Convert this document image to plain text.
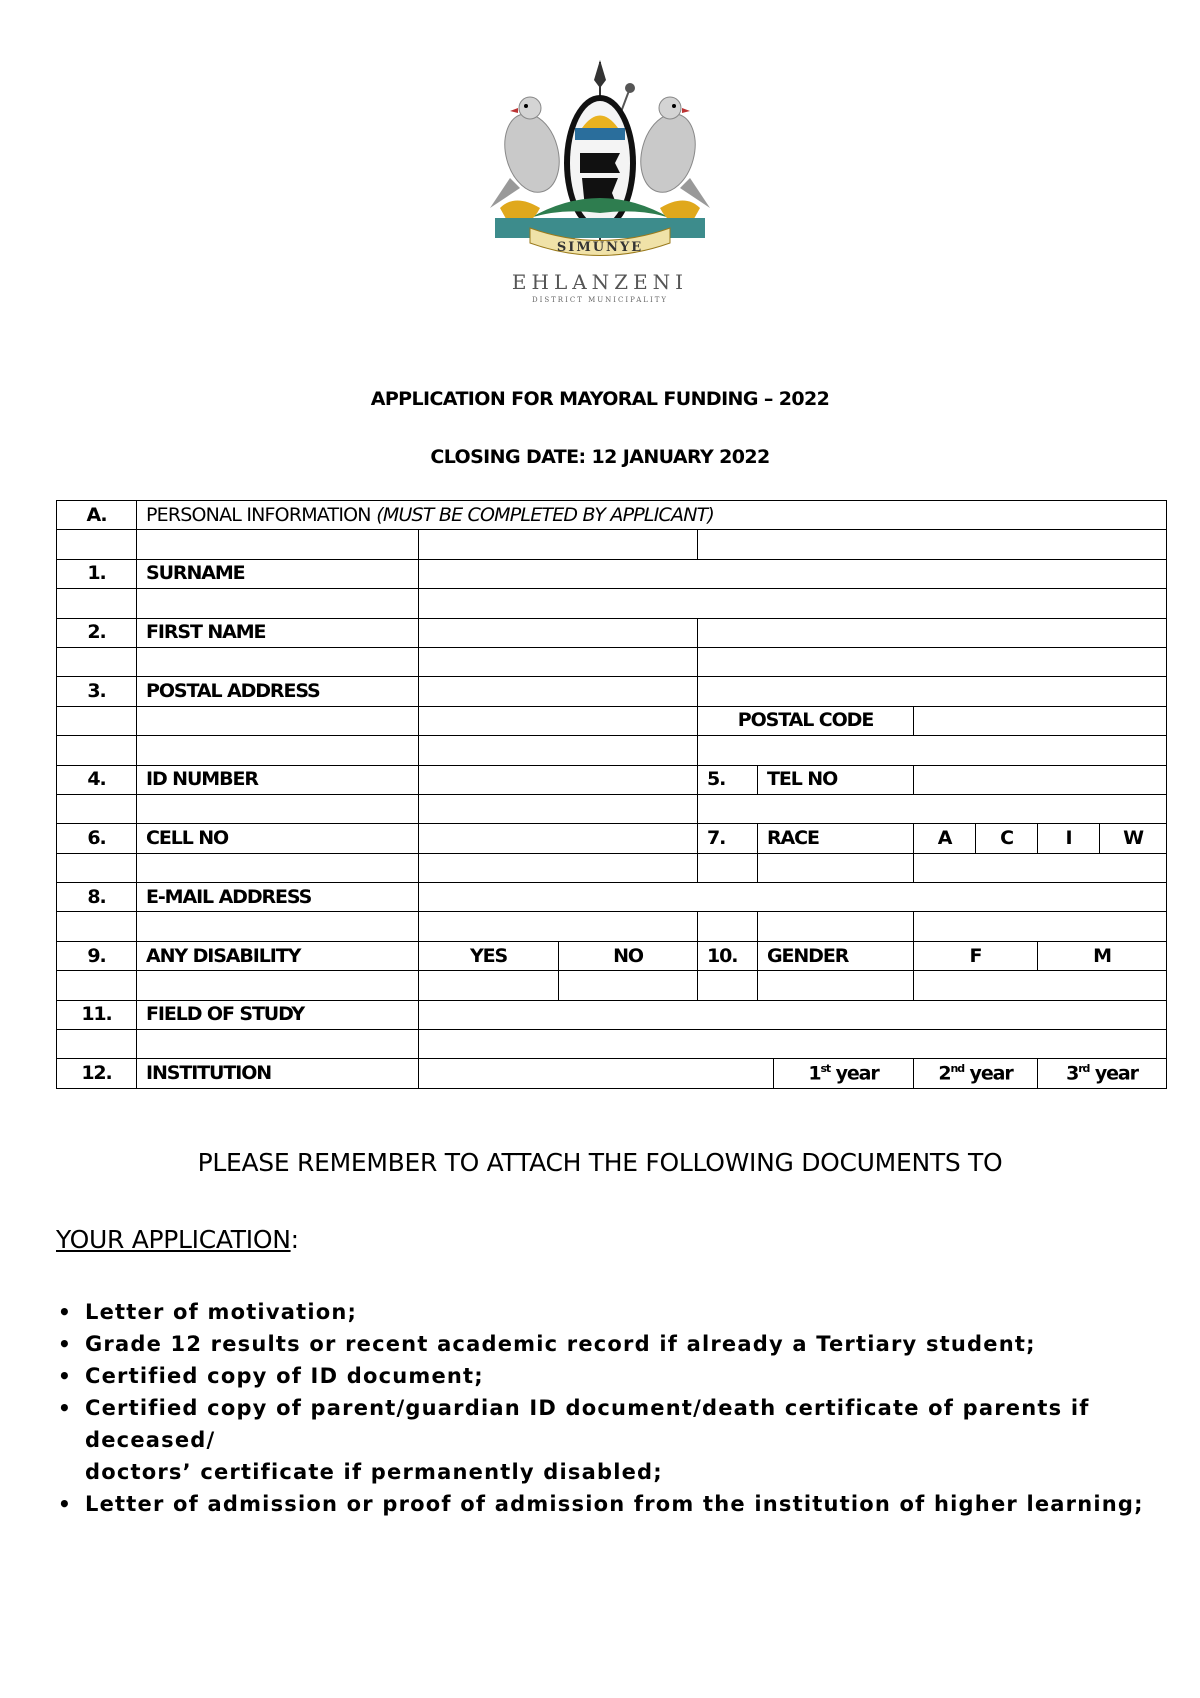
SIMUNYE
EHLANZENI
DISTRICT MUNICIPALITY
APPLICATION FOR MAYORAL FUNDING – 2022
CLOSING DATE: 12 JANUARY 2022
A.	PERSONAL INFORMATION (MUST BE COMPLETED BY APPLICANT)									

1.	SURNAME									

2.	FIRST NAME									

3.	POSTAL ADDRESS									
				POSTAL CODE						

4.	ID NUMBER			5.	TEL NO					

6.	CELL NO			7.	RACE		A	C	I	W

8.	E-MAIL ADDRESS									

9.	ANY DISABILITY	YES	NO	10.	GENDER		F		M	

11.	FIELD OF STUDY									

12.	INSTITUTION					1st year	2nd year		3rd year	
PLEASE REMEMBER TO ATTACH THE FOLLOWING DOCUMENTS TO
YOUR APPLICATION:
• Letter of motivation;
• Grade 12 results or recent academic record if already a Tertiary student;
• Certified copy of ID document;
• Certified copy of parent/guardian ID document/death certificate of parents if deceased/
doctors’ certificate if permanently disabled;
• Letter of admission or proof of admission from the institution of higher learning;
